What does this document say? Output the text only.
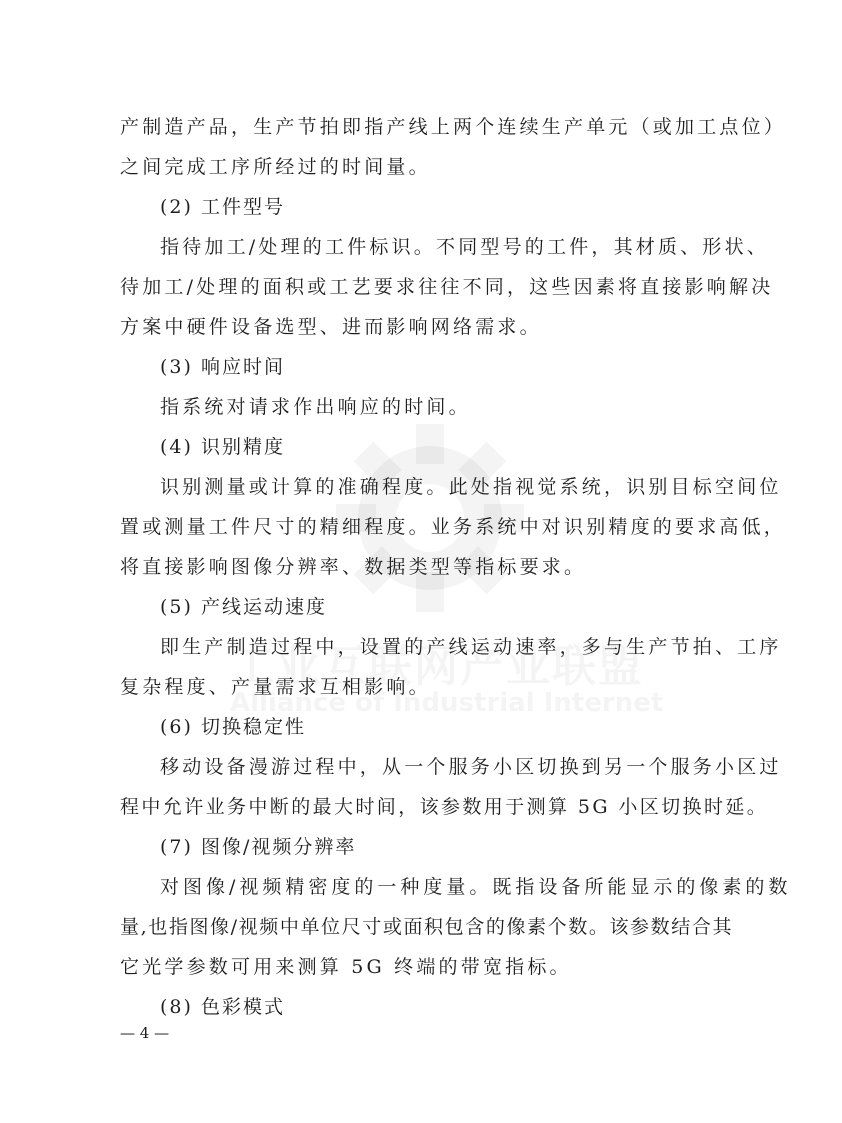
产制造产品，生产节拍即指产线上两个连续生产单元（或加工点位）
之间完成工序所经过的时间量。
(2) 工件型号
指待加工/处理的工件标识。不同型号的工件，其材质、形状、
待加工/处理的面积或工艺要求往往不同，这些因素将直接影响解决
方案中硬件设备选型、进而影响网络需求。
(3) 响应时间
指系统对请求作出响应的时间。
(4) 识别精度
识别测量或计算的准确程度。此处指视觉系统，识别目标空间位
置或测量工件尺寸的精细程度。业务系统中对识别精度的要求高低，
将直接影响图像分辨率、数据类型等指标要求。
(5) 产线运动速度
即生产制造过程中，设置的产线运动速率，多与生产节拍、工序
复杂程度、产量需求互相影响。
(6) 切换稳定性
移动设备漫游过程中，从一个服务小区切换到另一个服务小区过
程中允许业务中断的最大时间，该参数用于测算 5G 小区切换时延。
(7) 图像/视频分辨率
对图像/视频精密度的一种度量。既指设备所能显示的像素的数
量,也指图像/视频中单位尺寸或面积包含的像素个数。该参数结合其
它光学参数可用来测算 5G 终端的带宽指标。
(8) 色彩模式
— 4 —
